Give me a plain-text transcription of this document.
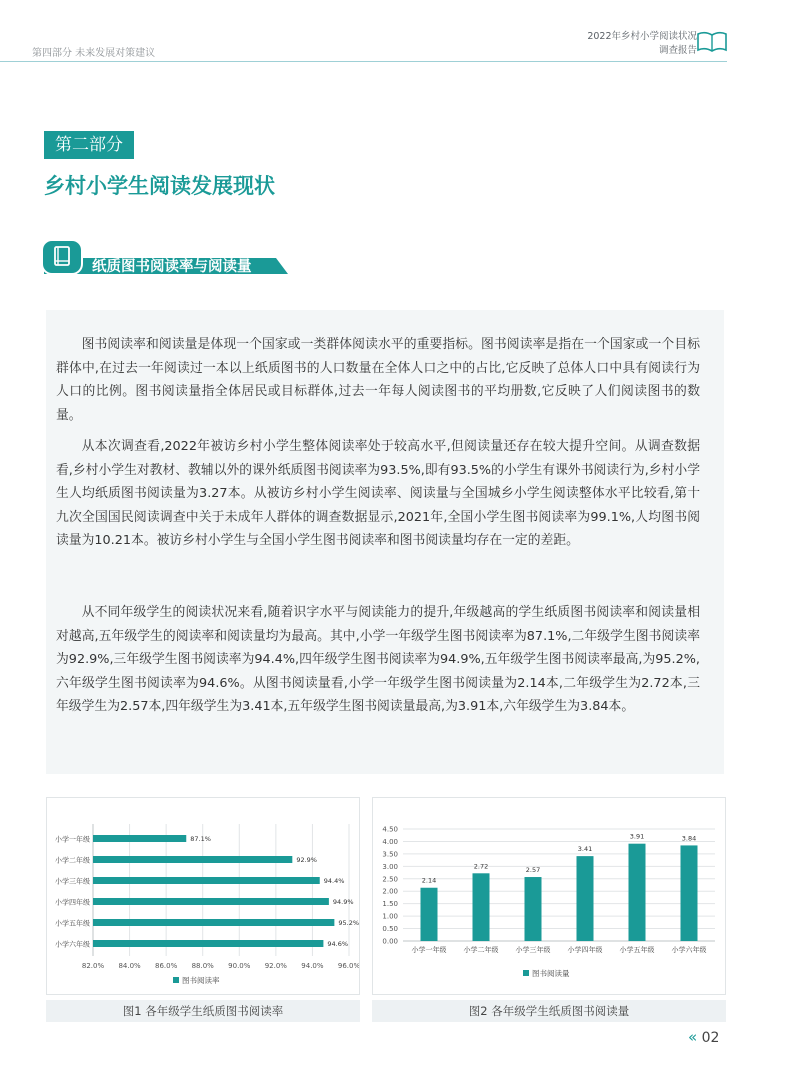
第四部分 未来发展对策建议
2022年乡村小学阅读状况
调查报告
第二部分
乡村小学生阅读发展现状
纸质图书阅读率与阅读量

图书阅读率和阅读量是体现一个国家或一类群体阅读水平的重要指标。图书阅读率是指在一个国家或一个目标群体中,在过去一年阅读过一本以上纸质图书的人口数量在全体人口之中的占比,它反映了总体人口中具有阅读行为人口的比例。图书阅读量指全体居民或目标群体,过去一年每人阅读图书的平均册数,它反映了人们阅读图书的数量。

从本次调查看,2022年被访乡村小学生整体阅读率处于较高水平,但阅读量还存在较大提升空间。从调查数据看,乡村小学生对教材、教辅以外的课外纸质图书阅读率为93.5%,即有93.5%的小学生有课外书阅读行为,乡村小学生人均纸质图书阅读量为3.27本。从被访乡村小学生阅读率、阅读量与全国城乡小学生阅读整体水平比较看,第十九次全国国民阅读调查中关于未成年人群体的调查数据显示,2021年,全国小学生图书阅读率为99.1%,人均图书阅读量为10.21本。被访乡村小学生与全国小学生图书阅读率和图书阅读量均存在一定的差距。

从不同年级学生的阅读状况来看,随着识字水平与阅读能力的提升,年级越高的学生纸质图书阅读率和阅读量相对越高,五年级学生的阅读率和阅读量均为最高。其中,小学一年级学生图书阅读率为87.1%,二年级学生图书阅读率为92.9%,三年级学生图书阅读率为94.4%,四年级学生图书阅读率为94.9%,五年级学生图书阅读率最高,为95.2%,六年级学生图书阅读率为94.6%。从图书阅读量看,小学一年级学生图书阅读量为2.14本,二年级学生为2.72本,三年级学生为2.57本,四年级学生为3.41本,五年级学生图书阅读量最高,为3.91本,六年级学生为3.84本。

82.0% 84.0% 86.0% 88.0% 90.0% 92.0% 94.0% 96.0%
小学一年级	87.1%
小学二年级	92.9%
小学三年级	94.4%
小学四年级	94.9%
小学五年级	95.2%
小学六年级	94.6%
图书阅读率
图1 各年级学生纸质图书阅读率
0.00
0.50
1.00
1.50
2.00
2.50
3.00
3.50
4.00
4.50
2.14
小学一年级
2.72
小学二年级
2.57
小学三年级
3.41
小学四年级
3.91
小学五年级
3.84
小学六年级
图书阅读量
图2 各年级学生纸质图书阅读量
« 02
